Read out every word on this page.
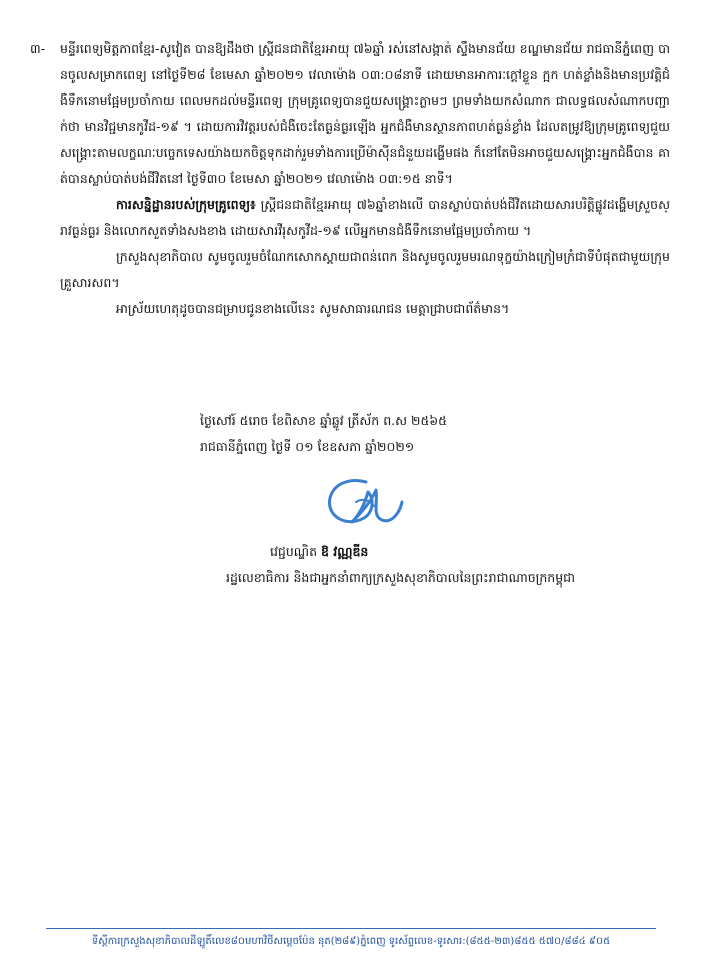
៣-	មន្ទីរពេទ្យមិត្តភាពខ្មែរ-សូវៀត បានឱ្យដឹងថា ស្ត្រីជនជាតិខ្មែរអាយុ ៧៦ឆ្នាំ រស់នៅសង្កាត់ ស្ទឹងមានជ័យ ខណ្ឌមានជ័យ រាជធានីភ្នំពេញ បានចូលសម្រាកពេទ្យ នៅថ្ងៃទី២៨ ខែមេសា ឆ្នាំ២០២១ វេលាម៉ោង ០៣:០៨នាទី ដោយមានអាការៈក្តៅខ្លួន ក្អក ហត់ខ្លាំងនិងមានប្រវត្តិជំងឺទឹកនោមផ្អែមប្រចាំកាយ ពេលមកដល់មន្ទីរពេទ្យ ក្រុមគ្រូពេទ្យបានជួយសង្គ្រោះភ្លាមៗ ព្រមទាំងយកសំណាក ជាលទ្ធផលសំណាកបញ្ជាក់ថា មានវិជ្ជមានកូវីដ-១៩ ។ ដោយការវិវត្តរបស់ជំងឺចេះតែធ្ងន់ធ្ងរឡើង អ្នកជំងឺមានស្ថានភាពហត់ធ្ងន់ខ្លាំង ដែលតម្រូវឱ្យក្រុមគ្រូពេទ្យជួយសង្គ្រោះតាមលក្ខណៈបច្ចេកទេសយ៉ាងយកចិត្តទុកដាក់រួមទាំងការប្រើម៉ាស៊ីនជំនួយដង្ហើមផង ក៏នៅតែមិនអាចជួយសង្គ្រោះអ្នកជំងឺបាន គាត់បានស្លាប់បាត់បង់ជីវិតនៅ ថ្ងៃទី៣០ ខែមេសា ឆ្នាំ២០២១ វេលាម៉ោង ០៣:១៥ នាទី។

ការសន្និដ្ឋានរបស់ក្រុមគ្រូពេទ្យ៖ ស្ត្រីជនជាតិខ្មែរអាយុ ៧៦ឆ្នាំខាងលើ បានស្លាប់បាត់បង់ជីវិតដោយសារបរិត្តិផ្លូវដង្ហើមស្រួចស្រាវធ្ងន់ធ្ងរ និងលោកសួតទាំងសងខាង ដោយសារវីរុសកូវីដ-១៩ លើអ្នកមានជំងឺទឹកនោមផ្អែមប្រចាំកាយ ។

ក្រសួងសុខាភិបាល សូមចូលរួមចំណែកសោកស្តាយជាពន់ពេក និងសូមចូលរួមមរណទុក្ខយ៉ាងក្រៀមក្រំជាទីបំផុតជាមួយក្រុមគ្រួសារសព។

អាស្រ័យហេតុដូចបានជម្រាបជូនខាងលើនេះ សូមសាធារណជន មេត្តាជ្រាបជាព័ត៌មាន។

ថ្ងៃសៅរ៍ ៥រោច ខែពិសាខ ឆ្នាំឆ្លូវ ត្រីស័ក ព.ស ២៥៦៥
រាជធានីភ្នំពេញ ថ្ងៃទី ០១ ខែឧសភា ឆ្នាំ២០២១
វេជ្ជបណ្ឌិត ឱ វណ្ណឌីន
រដ្ឋលេខាធិការ និងជាអ្នកនាំពាក្យក្រសួងសុខាភិបាលនៃព្រះរាជាណាចក្រកម្ពុជា
ទីស្តីការក្រសួងសុខាភិបាលដីឡូតិ៍លេខ៨០មហាវិថីសម្ដេចប៉ែន នុត(២៨៩)ភ្នំពេញ ទូរស័ព្ទលេខ-ទូរសារ:(៨៥៥-២៣)៨៥៥ ៥៧០/៨៨៤ ៩០៥
